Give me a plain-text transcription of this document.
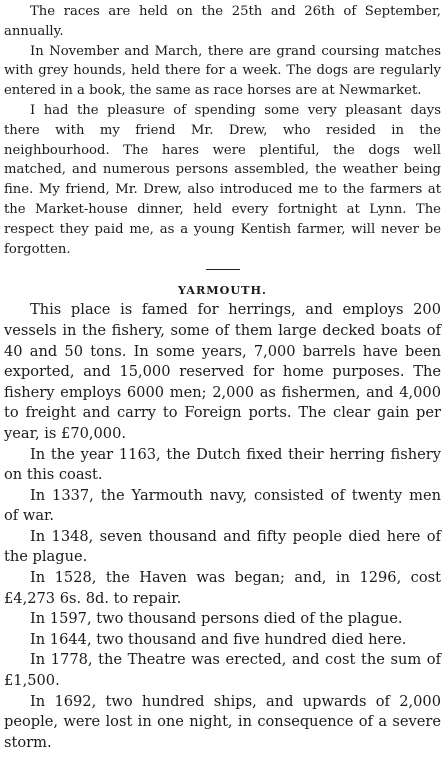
The races are held on the 25th and 26th of September, annually.

In November and March, there are grand coursing matches with grey hounds, held there for a week. The dogs are regularly entered in a book, the same as race horses are at Newmarket.

I had the pleasure of spending some very pleasant days there with my friend Mr. Drew, who resided in the neighbourhood. The hares were plentiful, the dogs well matched, and numerous persons assembled, the weather being fine. My friend, Mr. Drew, also introduced me to the farmers at the Market-house dinner, held every fortnight at Lynn. The respect they paid me, as a young Kentish farmer, will never be forgotten.

YARMOUTH.

This place is famed for herrings, and employs 200 vessels in the fishery, some of them large decked boats of 40 and 50 tons. In some years, 7,000 barrels have been exported, and 15,000 reserved for home purposes. The fishery employs 6000 men; 2,000 as fishermen, and 4,000 to freight and carry to Foreign ports. The clear gain per year, is £70,000.

In the year 1163, the Dutch fixed their herring fishery on this coast.

In 1337, the Yarmouth navy, consisted of twenty men of war.

In 1348, seven thousand and fifty people died here of the plague.

In 1528, the Haven was began; and, in 1296, cost £4,273 6s. 8d. to repair.

In 1597, two thousand persons died of the plague.

In 1644, two thousand and five hundred died here.

In 1778, the Theatre was erected, and cost the sum of £1,500.

In 1692, two hundred ships, and upwards of 2,000 people, were lost in one night, in consequence of a severe storm.
